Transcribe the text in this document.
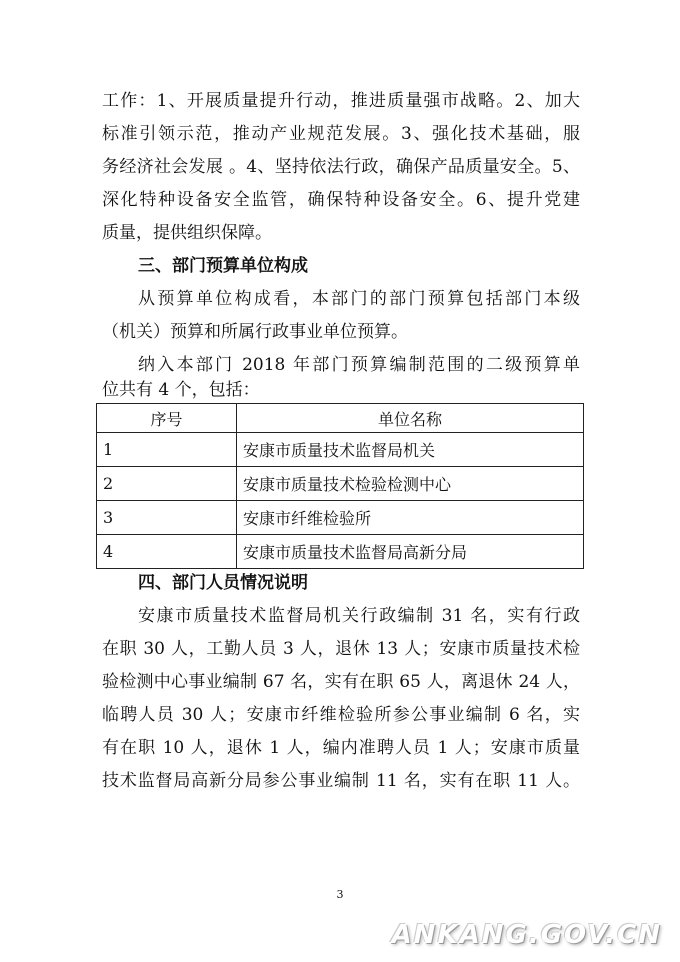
工作：1、开展质量提升行动，推进质量强市战略。2、加大
标准引领示范，推动产业规范发展。3、强化技术基础，服
务经济社会发展 。4、坚持依法行政，确保产品质量安全。5、
深化特种设备安全监管，确保特种设备安全。6、提升党建
质量，提供组织保障。
三、部门预算单位构成
从预算单位构成看，本部门的部门预算包括部门本级
（机关）预算和所属行政事业单位预算。
纳入本部门 2018 年部门预算编制范围的二级预算单
位共有 4 个，包括：
序号	单位名称
1	安康市质量技术监督局机关
2	安康市质量技术检验检测中心
3	安康市纤维检验所
4	安康市质量技术监督局高新分局
四、部门人员情况说明
安康市质量技术监督局机关行政编制 31 名，实有行政
在职 30 人，工勤人员 3 人，退休 13 人；安康市质量技术检
验检测中心事业编制 67 名，实有在职 65 人，离退休 24 人，
临聘人员 30 人；安康市纤维检验所参公事业编制 6 名，实
有在职 10 人，退休 1 人，编内准聘人员 1 人；安康市质量
技术监督局高新分局参公事业编制 11 名，实有在职 11 人。
3
ANKANG.GOV.CN
